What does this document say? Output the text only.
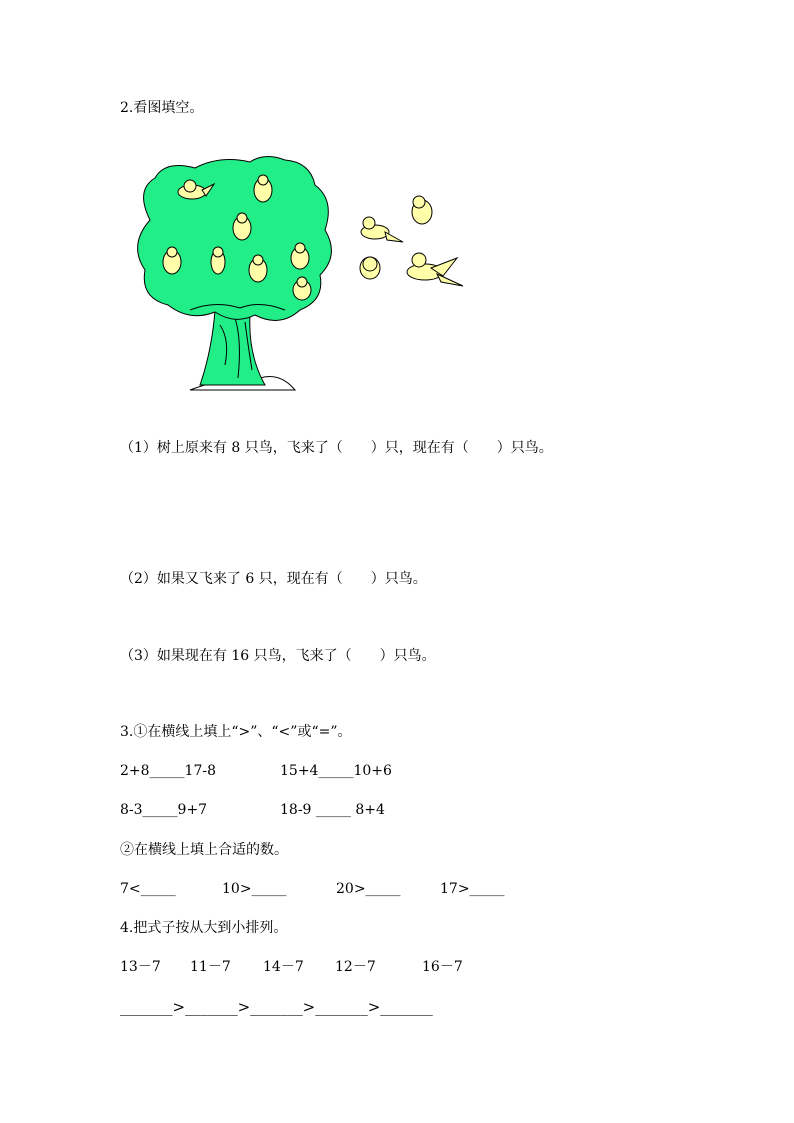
2.看图填空。
（1）树上原来有 8 只鸟，飞来了（　　）只，现在有（　　）只鸟。
（2）如果又飞来了 6 只，现在有（　　）只鸟。
（3）如果现在有 16 只鸟，飞来了（　　）只鸟。
3.①在横线上填上“>”、“<”或“=”。
2+8_____17-8	15+4_____10+6
8-3_____9+7	18-9 _____ 8+4
②在横线上填上合适的数。
7<_____	10>_____	20>_____	17>_____
4.把式子按从大到小排列。
13－7 11－7 14－7 12－7	16－7
_______>_______>_______>_______>_______
